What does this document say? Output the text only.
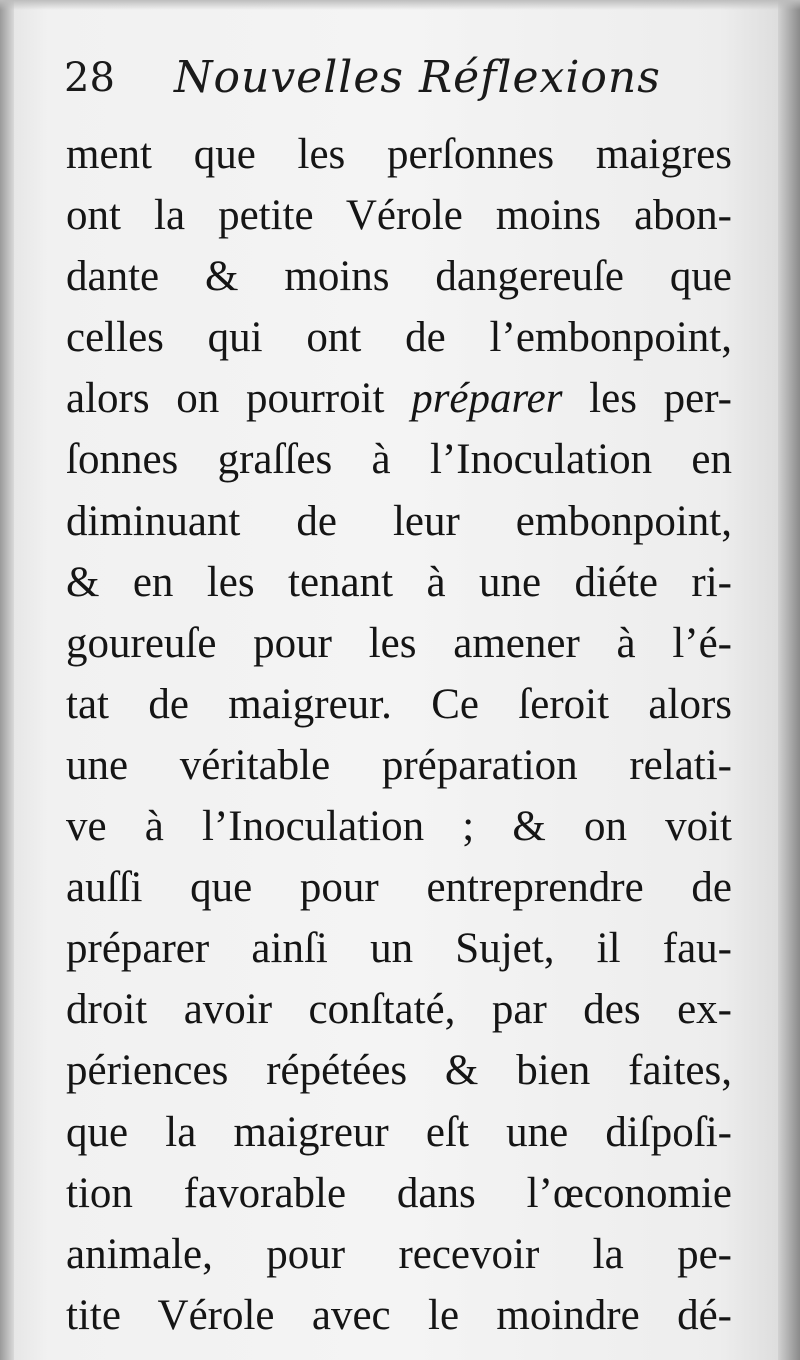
28 Nouvelles Réflexions
ment que les perſonnes maigres
ont la petite Vérole moins abon-
dante & moins dangereuſe que
celles qui ont de l’embonpoint,
alors on pourroit préparer les per-
ſonnes graſſes à l’Inoculation en
diminuant de leur embonpoint,
& en les tenant à une diéte ri-
goureuſe pour les amener à l’é-
tat de maigreur. Ce ſeroit alors
une véritable préparation relati-
ve à l’Inoculation ; & on voit
auſſi que pour entreprendre de
préparer ainſi un Sujet, il fau-
droit avoir conſtaté, par des ex-
périences répétées & bien faites,
que la maigreur eſt une diſpoſi-
tion favorable dans l’œconomie
animale, pour recevoir la pe-
tite Vérole avec le moindre dé-
